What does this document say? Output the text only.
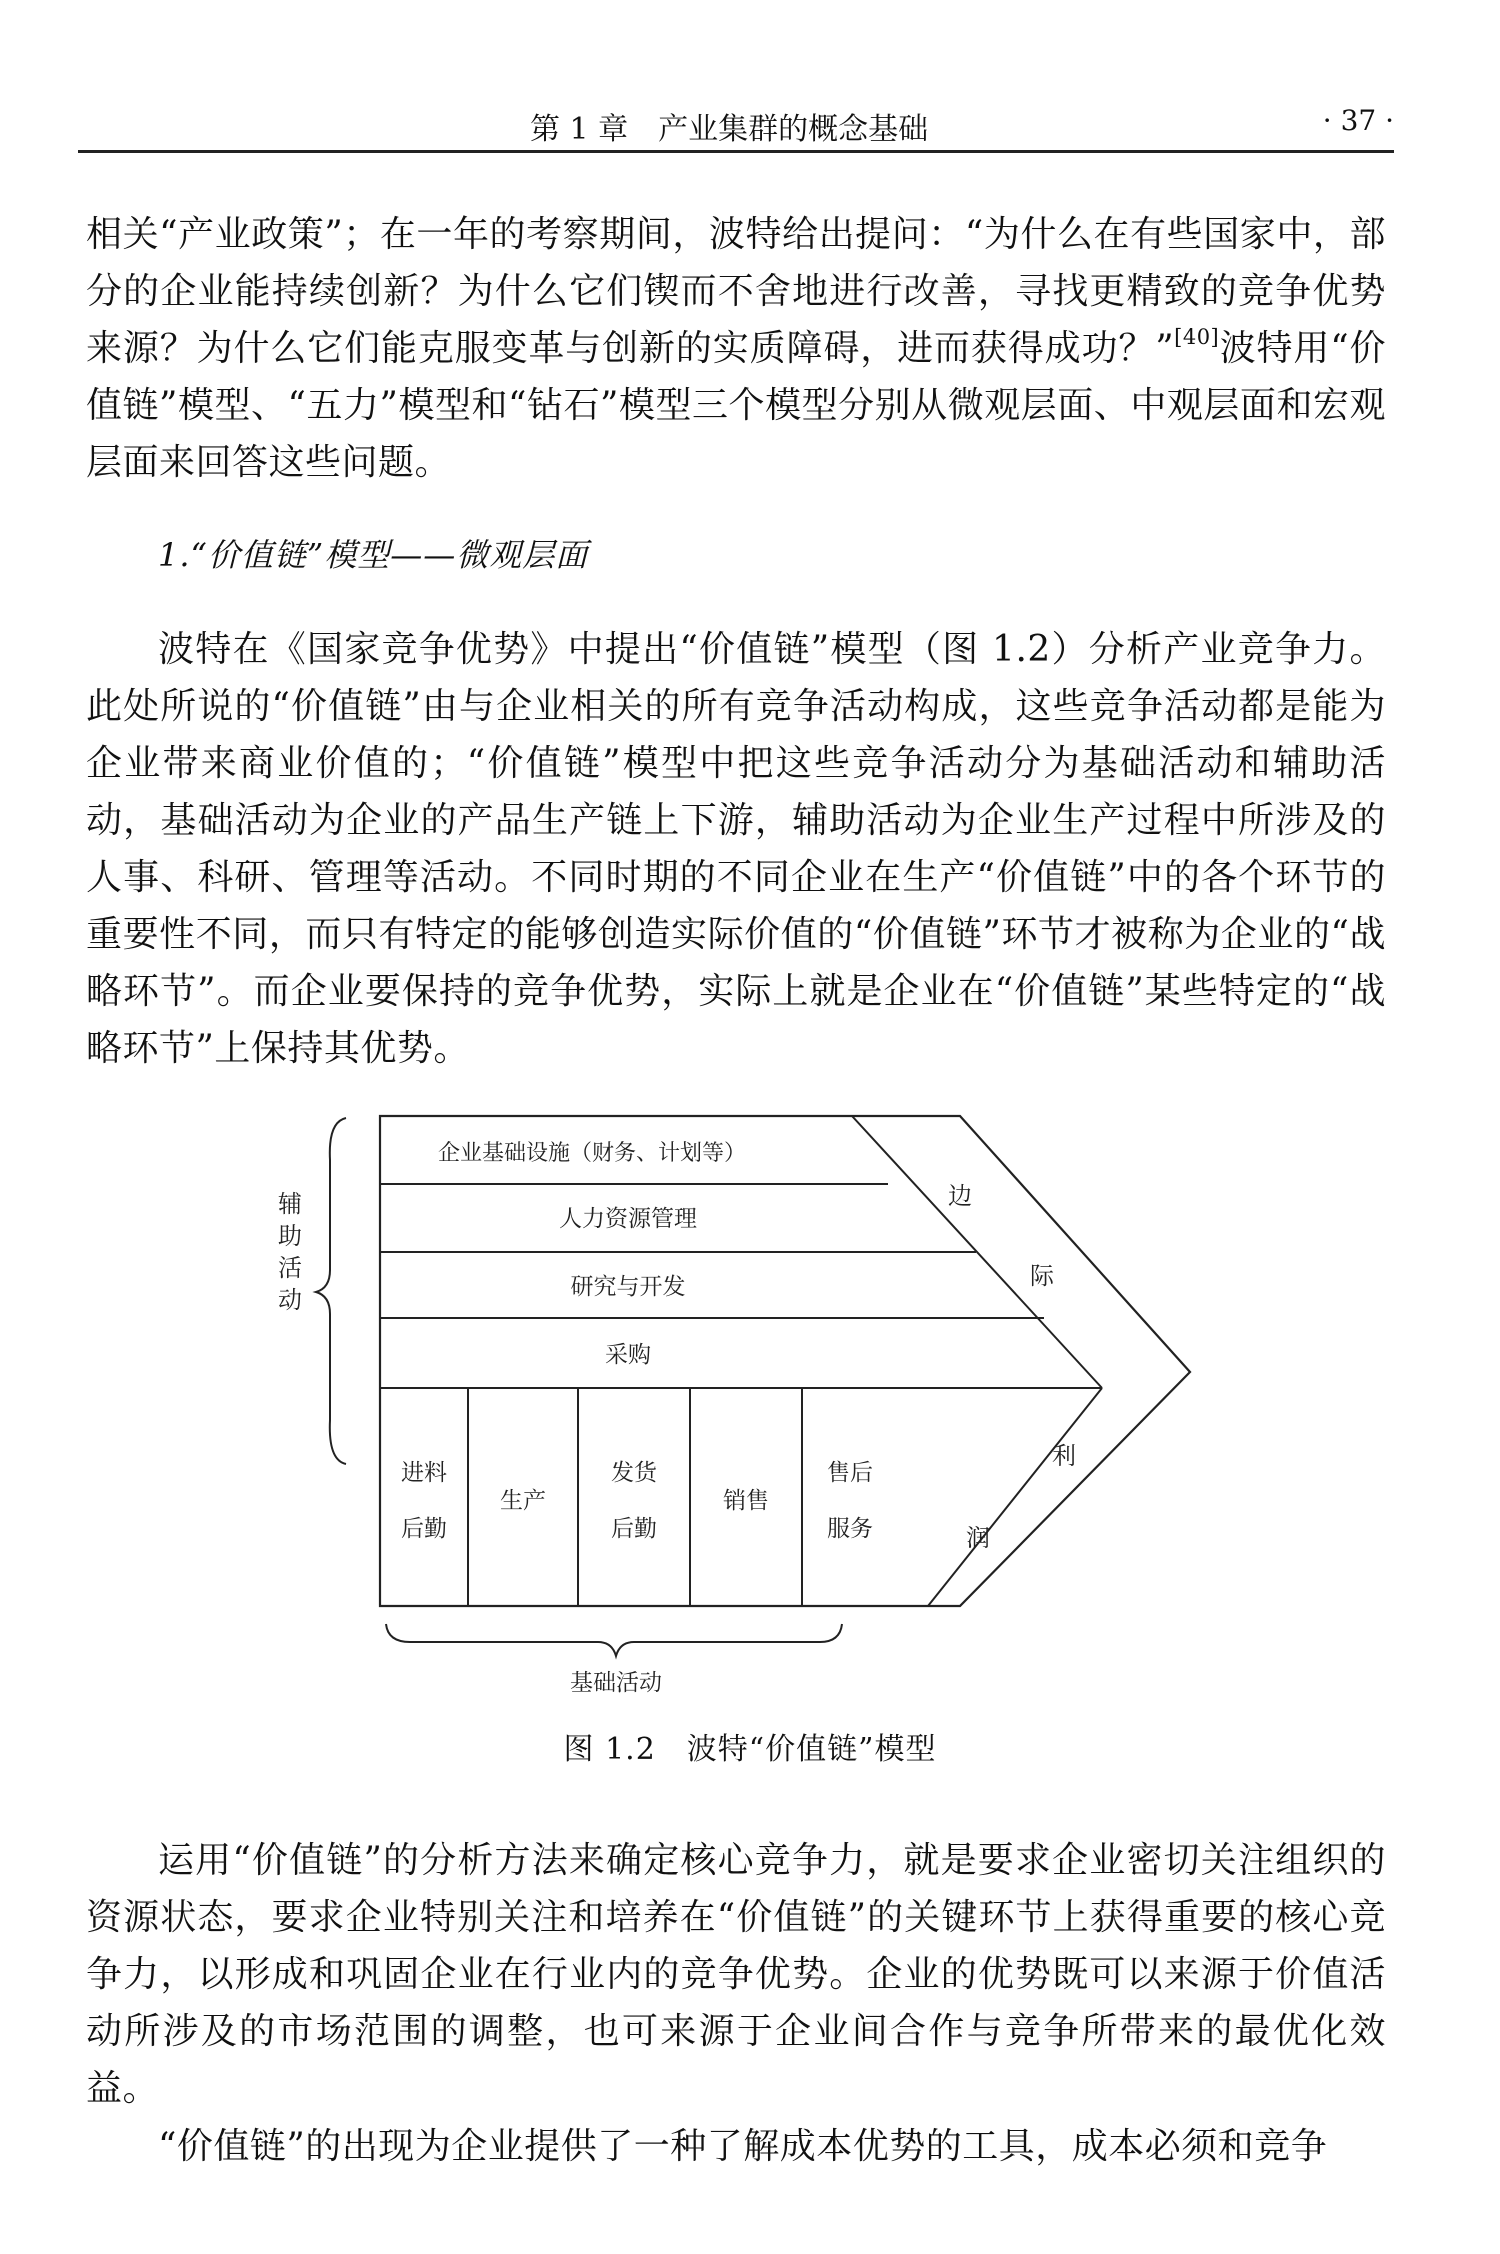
第 1 章　产业集群的概念基础	· 37 ·

相关“产业政策”；在一年的考察期间，波特给出提问：“为什么在有些国家中，部分的企业能持续创新？为什么它们锲而不舍地进行改善，寻找更精致的竞争优势来源？为什么它们能克服变革与创新的实质障碍，进而获得成功？”[40]波特用“价值链”模型、“五力”模型和“钻石”模型三个模型分别从微观层面、中观层面和宏观层面来回答这些问题。

1.“价值链”模型——微观层面

波特在《国家竞争优势》中提出“价值链”模型（图 1.2）分析产业竞争力。此处所说的“价值链”由与企业相关的所有竞争活动构成，这些竞争活动都是能为企业带来商业价值的；“价值链”模型中把这些竞争活动分为基础活动和辅助活动，基础活动为企业的产品生产链上下游，辅助活动为企业生产过程中所涉及的人事、科研、管理等活动。不同时期的不同企业在生产“价值链”中的各个环节的重要性不同，而只有特定的能够创造实际价值的“价值链”环节才被称为企业的“战略环节”。而企业要保持的竞争优势，实际上就是企业在“价值链”某些特定的“战略环节”上保持其优势。

辅
助
活
动
企业基础设施（财务、计划等）
人力资源管理
研究与开发
采购
进料
后勤
生产
发货
后勤
销售
售后
服务
边
际
利
润
基础活动
图 1.2　波特“价值链”模型

运用“价值链”的分析方法来确定核心竞争力，就是要求企业密切关注组织的资源状态，要求企业特别关注和培养在“价值链”的关键环节上获得重要的核心竞争力，以形成和巩固企业在行业内的竞争优势。企业的优势既可以来源于价值活动所涉及的市场范围的调整，也可来源于企业间合作与竞争所带来的最优化效益。

“价值链”的出现为企业提供了一种了解成本优势的工具，成本必须和竞争
